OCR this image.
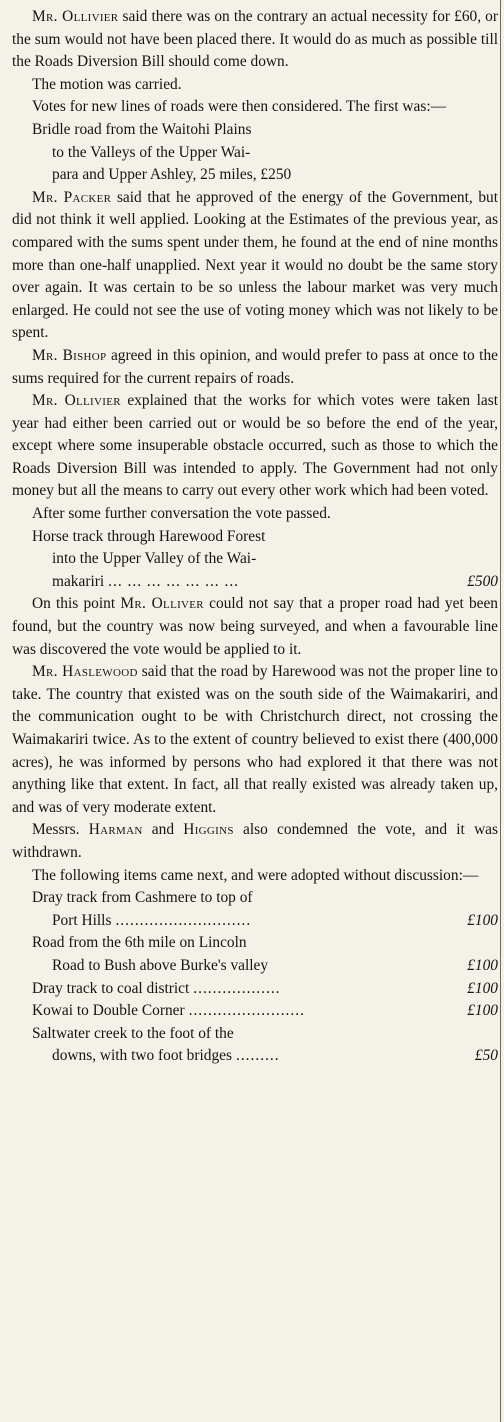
Mr. Ollivier said there was on the contrary an actual necessity for £60, or the sum would not have been placed there. It would do as much as possible till the Roads Diversion Bill should come down.

The motion was carried.

Votes for new lines of roads were then considered. The first was:—

Bridle road from the Waitohi Plains
to the Valleys of the Upper Wai-
para and Upper Ashley, 25 miles, £250

Mr. Packer said that he approved of the energy of the Government, but did not think it well applied. Looking at the Estimates of the previous year, as compared with the sums spent under them, he found at the end of nine months more than one-half unapplied. Next year it would no doubt be the same story over again. It was certain to be so unless the labour market was very much enlarged. He could not see the use of voting money which was not likely to be spent.

Mr. Bishop agreed in this opinion, and would prefer to pass at once to the sums required for the current repairs of roads.

Mr. Ollivier explained that the works for which votes were taken last year had either been carried out or would be so before the end of the year, except where some insuperable obstacle occurred, such as those to which the Roads Diversion Bill was intended to apply. The Government had not only money but all the means to carry out every other work which had been voted.

After some further conversation the vote passed.

Horse track through Harewood Forest
into the Upper Valley of the Wai-
makariri ... ... ... ... ... ... ...	£500

On this point Mr. Olliver could not say that a proper road had yet been found, but the country was now being surveyed, and when a favourable line was discovered the vote would be applied to it.

Mr. Haslewood said that the road by Harewood was not the proper line to take. The country that existed was on the south side of the Waimakariri, and the communication ought to be with Christchurch direct, not crossing the Waimakariri twice. As to the extent of country believed to exist there (400,000 acres), he was informed by persons who had explored it that there was not anything like that extent. In fact, all that really existed was already taken up, and was of very moderate extent.

Messrs. Harman and Higgins also condemned the vote, and it was withdrawn.

The following items came next, and were adopted without discussion:—

Dray track from Cashmere to top of
Port Hills ............................	£100
Road from the 6th mile on Lincoln
Road to Bush above Burke's valley	£100
Dray track to coal district ..................	£100
Kowai to Double Corner ........................	£100
Saltwater creek to the foot of the
downs, with two foot bridges .........	£50
